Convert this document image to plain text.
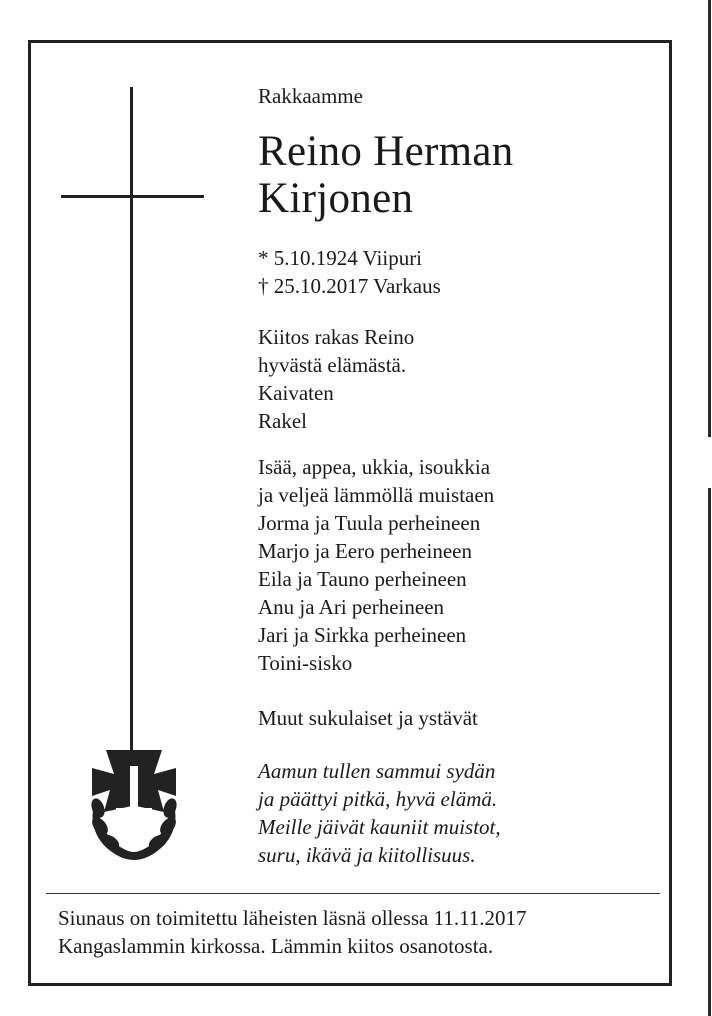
Rakkaamme
Reino Herman
Kirjonen
* 5.10.1924 Viipuri
† 25.10.2017 Varkaus
Kiitos rakas Reino
hyvästä elämästä.
Kaivaten
Rakel
Isää, appea, ukkia, isoukkia
ja veljeä lämmöllä muistaen
Jorma ja Tuula perheineen
Marjo ja Eero perheineen
Eila ja Tauno perheineen
Anu ja Ari perheineen
Jari ja Sirkka perheineen
Toini-sisko
Muut sukulaiset ja ystävät
Aamun tullen sammui sydän
ja päättyi pitkä, hyvä elämä.
Meille jäivät kauniit muistot,
suru, ikävä ja kiitollisuus.
Siunaus on toimitettu läheisten läsnä ollessa 11.11.2017
Kangaslammin kirkossa. Lämmin kiitos osanotosta.
